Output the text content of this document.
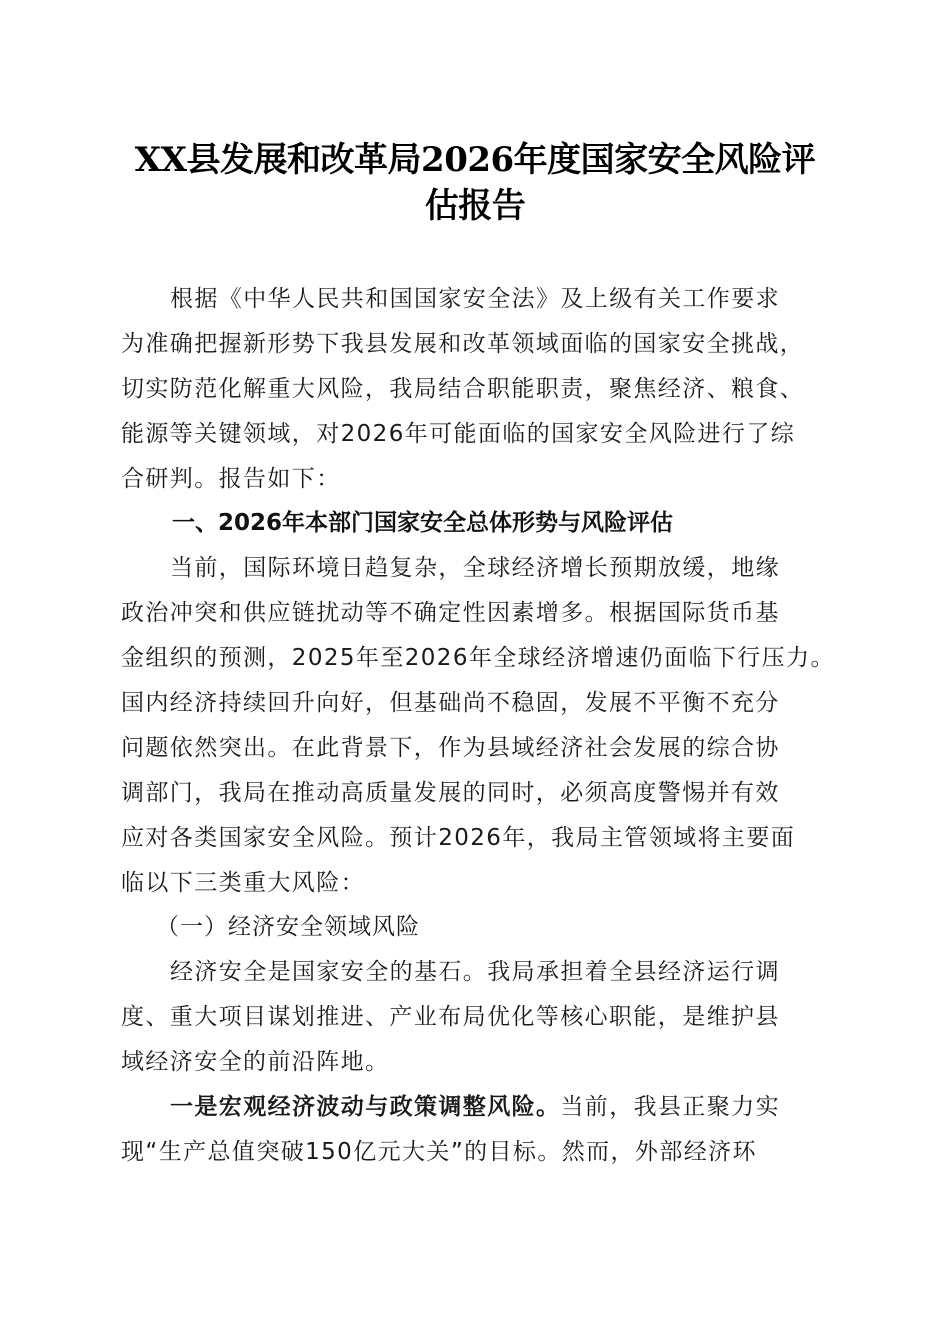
XX县发展和改革局2026年度国家安全风险评
估报告
根据《中华人民共和国国家安全法》及上级有关工作要求
为准确把握新形势下我县发展和改革领域面临的国家安全挑战，
切实防范化解重大风险，我局结合职能职责，聚焦经济、粮食、
能源等关键领域，对2026年可能面临的国家安全风险进行了综
合研判。报告如下：
一、2026年本部门国家安全总体形势与风险评估
当前，国际环境日趋复杂，全球经济增长预期放缓，地缘
政治冲突和供应链扰动等不确定性因素增多。根据国际货币基
金组织的预测，2025年至2026年全球经济增速仍面临下行压力。
国内经济持续回升向好，但基础尚不稳固，发展不平衡不充分
问题依然突出。在此背景下，作为县域经济社会发展的综合协
调部门，我局在推动高质量发展的同时，必须高度警惕并有效
应对各类国家安全风险。预计2026年，我局主管领域将主要面
临以下三类重大风险：
（一）经济安全领域风险
经济安全是国家安全的基石。我局承担着全县经济运行调
度、重大项目谋划推进、产业布局优化等核心职能，是维护县
域经济安全的前沿阵地。
一是宏观经济波动与政策调整风险。当前，我县正聚力实
现“生产总值突破150亿元大关”的目标。然而，外部经济环
